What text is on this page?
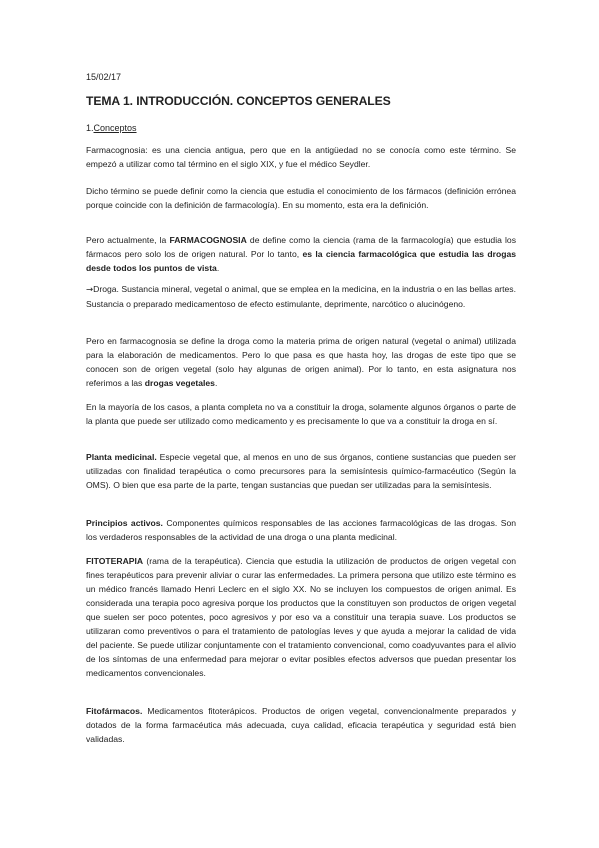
15/02/17
TEMA 1. INTRODUCCIÓN. CONCEPTOS GENERALES
1.Conceptos

Farmacognosia: es una ciencia antigua, pero que en la antigüedad no se conocía como este término. Se empezó a utilizar como tal término en el siglo XIX, y fue el médico Seydler.

Dicho término se puede definir como la ciencia que estudia el conocimiento de los fármacos (definición errónea porque coincide con la definición de farmacología). En su momento, esta era la definición.

Pero actualmente, la FARMACOGNOSIA de define como la ciencia (rama de la farmacología) que estudia los fármacos pero solo los de origen natural. Por lo tanto, es la ciencia farmacológica que estudia las drogas desde todos los puntos de vista.

→Droga. Sustancia mineral, vegetal o animal, que se emplea en la medicina, en la industria o en las bellas artes. Sustancia o preparado medicamentoso de efecto estimulante, deprimente, narcótico o alucinógeno.

Pero en farmacognosia se define la droga como la materia prima de origen natural (vegetal o animal) utilizada para la elaboración de medicamentos. Pero lo que pasa es que hasta hoy, las drogas de este tipo que se conocen son de origen vegetal (solo hay algunas de origen animal). Por lo tanto, en esta asignatura nos referimos a las drogas vegetales.

En la mayoría de los casos, a planta completa no va a constituir la droga, solamente algunos órganos o parte de la planta que puede ser utilizado como medicamento y es precisamente lo que va a constituir la droga en sí.

Planta medicinal. Especie vegetal que, al menos en uno de sus órganos, contiene sustancias que pueden ser utilizadas con finalidad terapéutica o como precursores para la semisíntesis químico-farmacéutico (Según la OMS). O bien que esa parte de la parte, tengan sustancias que puedan ser utilizadas para la semisíntesis.

Principios activos. Componentes químicos responsables de las acciones farmacológicas de las drogas. Son los verdaderos responsables de la actividad de una droga o una planta medicinal.

FITOTERAPIA (rama de la terapéutica). Ciencia que estudia la utilización de productos de origen vegetal con fines terapéuticos para prevenir aliviar o curar las enfermedades. La primera persona que utilizo este término es un médico francés llamado Henri Leclerc en el siglo XX. No se incluyen los compuestos de origen animal. Es considerada una terapia poco agresiva porque los productos que la constituyen son productos de origen vegetal que suelen ser poco potentes, poco agresivos y por eso va a constituir una terapia suave. Los productos se utilizaran como preventivos o para el tratamiento de patologías leves y que ayuda a mejorar la calidad de vida del paciente. Se puede utilizar conjuntamente con el tratamiento convencional, como coadyuvantes para el alivio de los síntomas de una enfermedad para mejorar o evitar posibles efectos adversos que puedan presentar los medicamentos convencionales.

Fitofármacos. Medicamentos fitoterápicos. Productos de origen vegetal, convencionalmente preparados y dotados de la forma farmacéutica más adecuada, cuya calidad, eficacia terapéutica y seguridad está bien validadas.
